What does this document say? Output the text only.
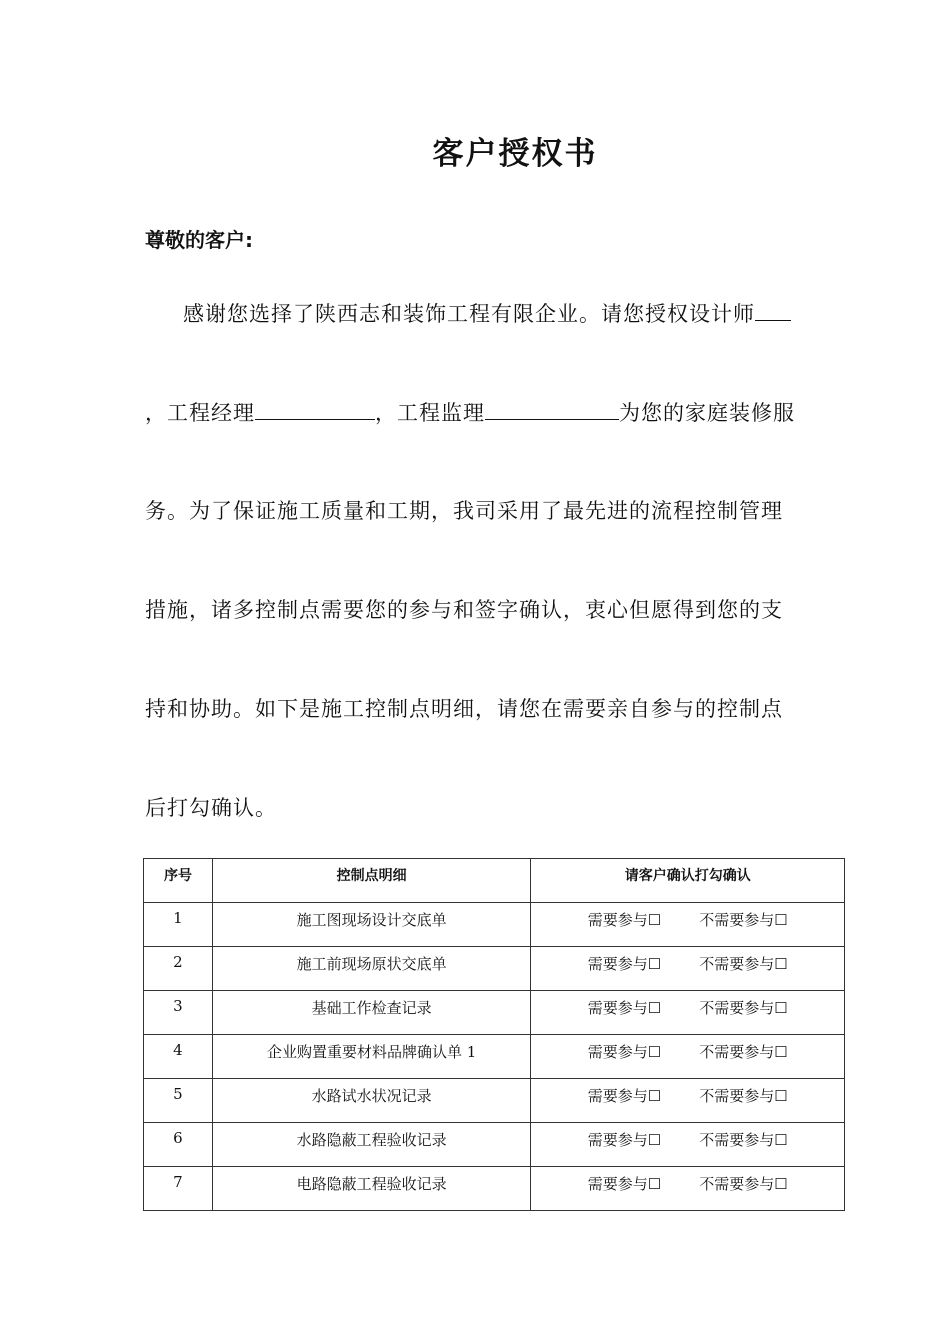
客户授权书
尊敬的客户:
感谢您选择了陕西志和装饰工程有限企业。请您授权设计师
，工程经理	，工程监理	为您的家庭装修服
务。为了保证施工质量和工期，我司采用了最先进的流程控制管理
措施，诸多控制点需要您的参与和签字确认，衷心但愿得到您的支
持和协助。如下是施工控制点明细，请您在需要亲自参与的控制点
后打勾确认。
序号	控制点明细	请客户确认打勾确认
1	施工图现场设计交底单	需要参与☐ 不需要参与☐
2	施工前现场原状交底单	需要参与☐ 不需要参与☐
3	基础工作检查记录	需要参与☐ 不需要参与☐
4	企业购置重要材料品牌确认单 1	需要参与☐ 不需要参与☐
5	水路试水状况记录	需要参与☐ 不需要参与☐
6	水路隐蔽工程验收记录	需要参与☐ 不需要参与☐
7	电路隐蔽工程验收记录	需要参与☐ 不需要参与☐
